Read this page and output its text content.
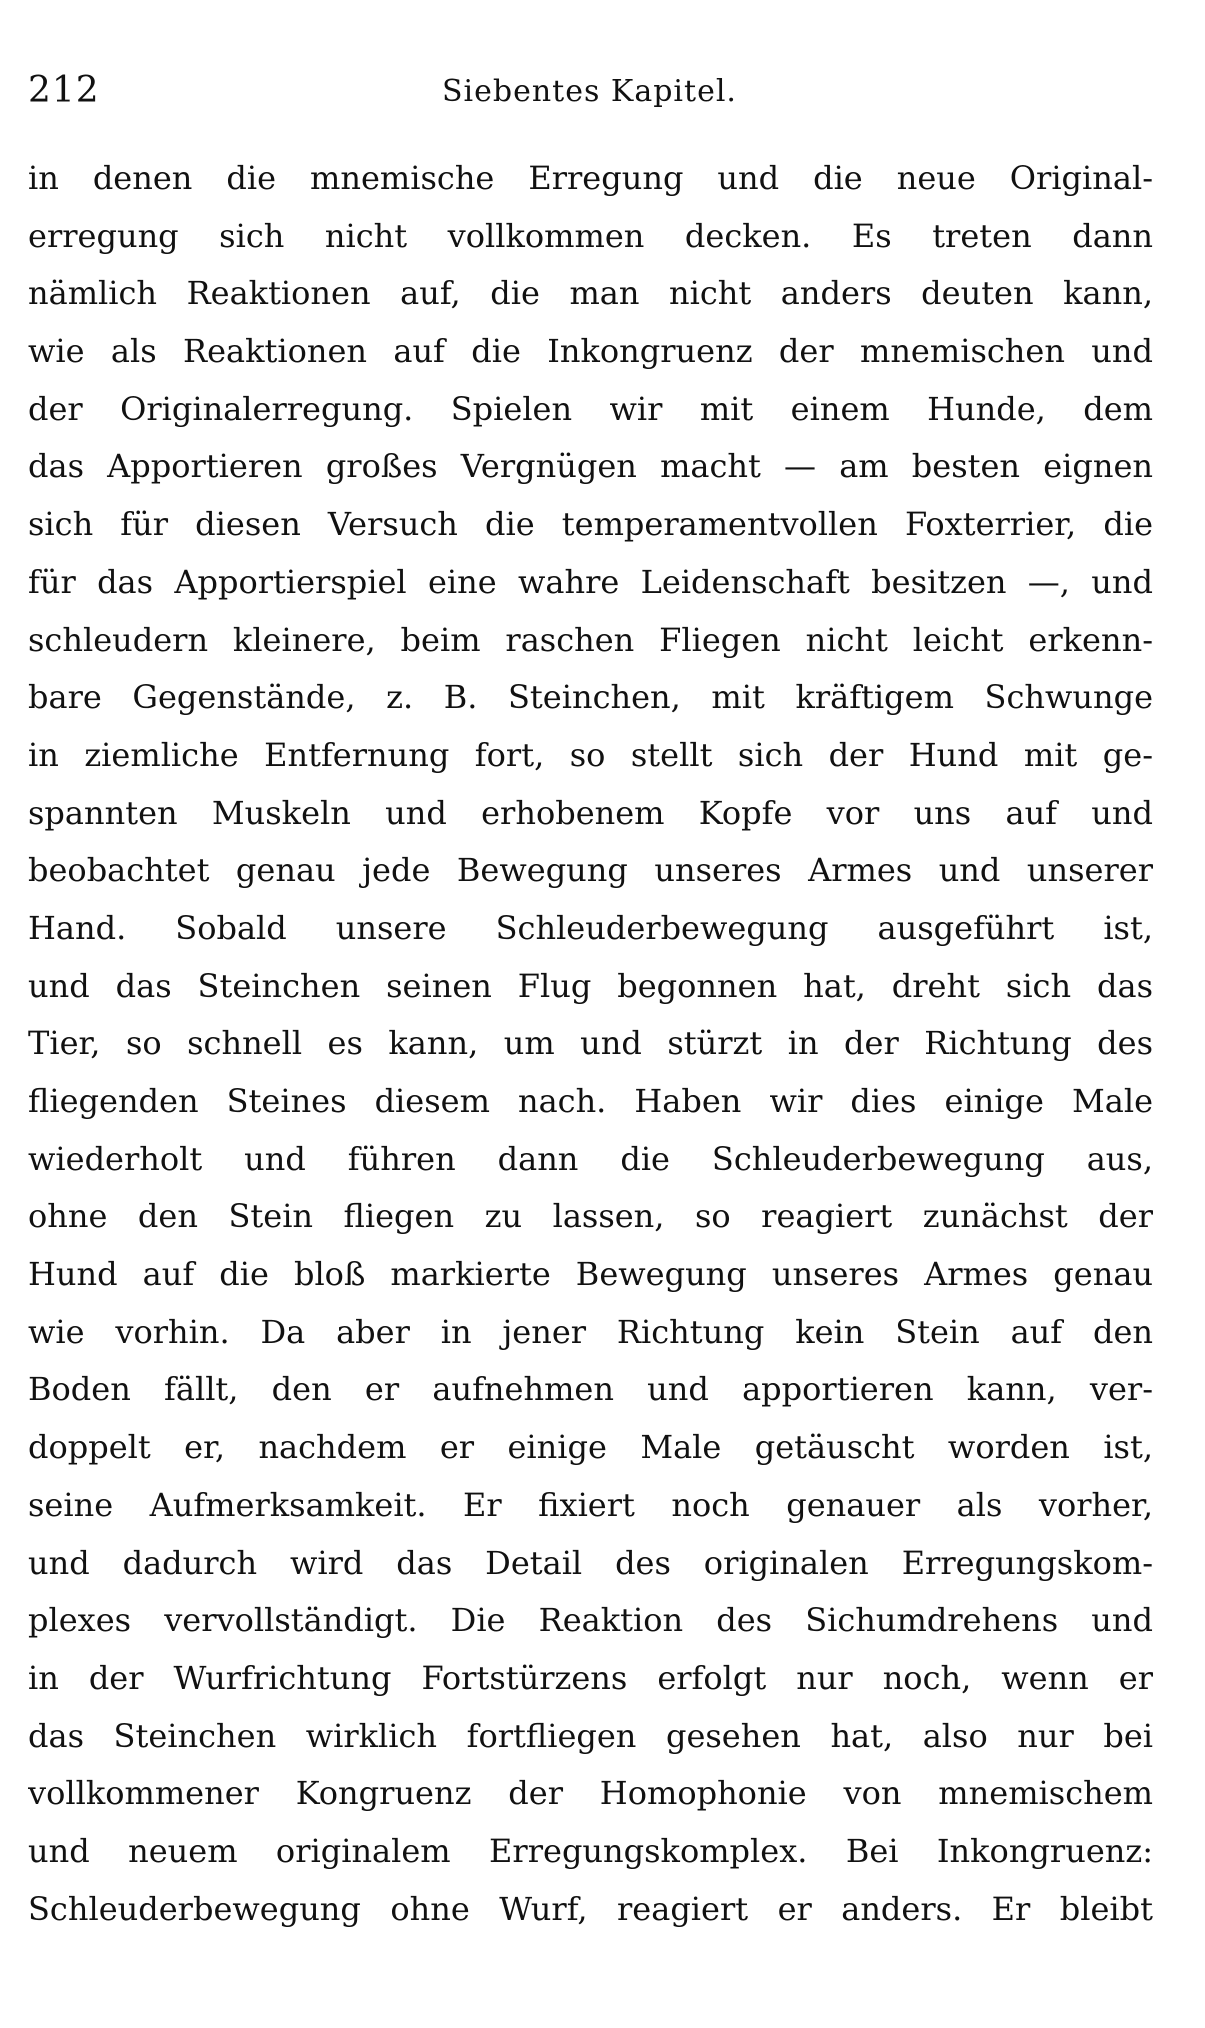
212	Siebentes Kapitel.
in denen die mnemische Erregung und die neue Original-
erregung sich nicht vollkommen decken. Es treten dann
nämlich Reaktionen auf, die man nicht anders deuten kann,
wie als Reaktionen auf die Inkongruenz der mnemischen und
der Originalerregung. Spielen wir mit einem Hunde, dem
das Apportieren großes Vergnügen macht — am besten eignen
sich für diesen Versuch die temperamentvollen Foxterrier, die
für das Apportierspiel eine wahre Leidenschaft besitzen —, und
schleudern kleinere, beim raschen Fliegen nicht leicht erkenn-
bare Gegenstände, z. B. Steinchen, mit kräftigem Schwunge
in ziemliche Entfernung fort, so stellt sich der Hund mit ge-
spannten Muskeln und erhobenem Kopfe vor uns auf und
beobachtet genau jede Bewegung unseres Armes und unserer
Hand. Sobald unsere Schleuderbewegung ausgeführt ist,
und das Steinchen seinen Flug begonnen hat, dreht sich das
Tier, so schnell es kann, um und stürzt in der Richtung des
fliegenden Steines diesem nach. Haben wir dies einige Male
wiederholt und führen dann die Schleuderbewegung aus,
ohne den Stein fliegen zu lassen, so reagiert zunächst der
Hund auf die bloß markierte Bewegung unseres Armes genau
wie vorhin. Da aber in jener Richtung kein Stein auf den
Boden fällt, den er aufnehmen und apportieren kann, ver-
doppelt er, nachdem er einige Male getäuscht worden ist,
seine Aufmerksamkeit. Er fixiert noch genauer als vorher,
und dadurch wird das Detail des originalen Erregungskom-
plexes vervollständigt. Die Reaktion des Sichumdrehens und
in der Wurfrichtung Fortstürzens erfolgt nur noch, wenn er
das Steinchen wirklich fortfliegen gesehen hat, also nur bei
vollkommener Kongruenz der Homophonie von mnemischem
und neuem originalem Erregungskomplex. Bei Inkongruenz:
Schleuderbewegung ohne Wurf, reagiert er anders. Er bleibt
